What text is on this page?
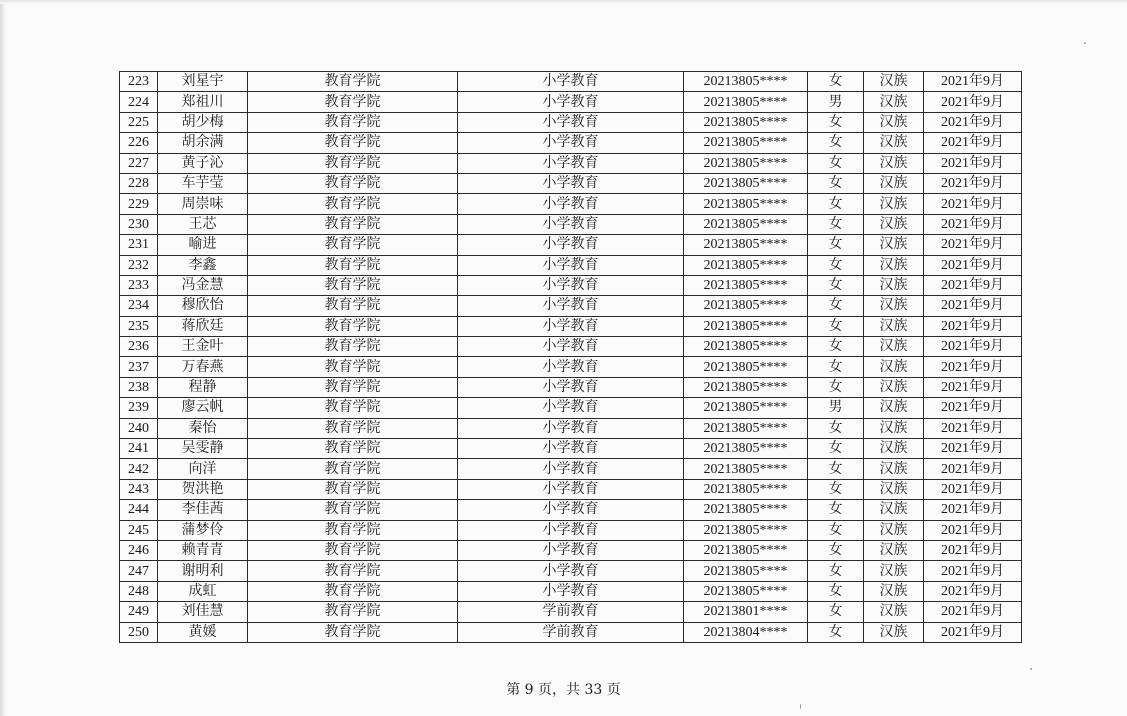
223	刘星宇	教育学院	小学教育	20213805****	女	汉族	2021年9月
224	郑祖川	教育学院	小学教育	20213805****	男	汉族	2021年9月
225	胡少梅	教育学院	小学教育	20213805****	女	汉族	2021年9月
226	胡余满	教育学院	小学教育	20213805****	女	汉族	2021年9月
227	黄子沁	教育学院	小学教育	20213805****	女	汉族	2021年9月
228	车芋莹	教育学院	小学教育	20213805****	女	汉族	2021年9月
229	周崇味	教育学院	小学教育	20213805****	女	汉族	2021年9月
230	王芯	教育学院	小学教育	20213805****	女	汉族	2021年9月
231	喻进	教育学院	小学教育	20213805****	女	汉族	2021年9月
232	李鑫	教育学院	小学教育	20213805****	女	汉族	2021年9月
233	冯金慧	教育学院	小学教育	20213805****	女	汉族	2021年9月
234	穆欣怡	教育学院	小学教育	20213805****	女	汉族	2021年9月
235	蒋欣廷	教育学院	小学教育	20213805****	女	汉族	2021年9月
236	王金叶	教育学院	小学教育	20213805****	女	汉族	2021年9月
237	万春燕	教育学院	小学教育	20213805****	女	汉族	2021年9月
238	程静	教育学院	小学教育	20213805****	女	汉族	2021年9月
239	廖云帆	教育学院	小学教育	20213805****	男	汉族	2021年9月
240	秦怡	教育学院	小学教育	20213805****	女	汉族	2021年9月
241	吴雯静	教育学院	小学教育	20213805****	女	汉族	2021年9月
242	向洋	教育学院	小学教育	20213805****	女	汉族	2021年9月
243	贺洪艳	教育学院	小学教育	20213805****	女	汉族	2021年9月
244	李佳茜	教育学院	小学教育	20213805****	女	汉族	2021年9月
245	蒲梦伶	教育学院	小学教育	20213805****	女	汉族	2021年9月
246	赖青青	教育学院	小学教育	20213805****	女	汉族	2021年9月
247	谢明利	教育学院	小学教育	20213805****	女	汉族	2021年9月
248	成虹	教育学院	小学教育	20213805****	女	汉族	2021年9月
249	刘佳慧	教育学院	学前教育	20213801****	女	汉族	2021年9月
250	黄媛	教育学院	学前教育	20213804****	女	汉族	2021年9月
第 9 页，共 33 页
